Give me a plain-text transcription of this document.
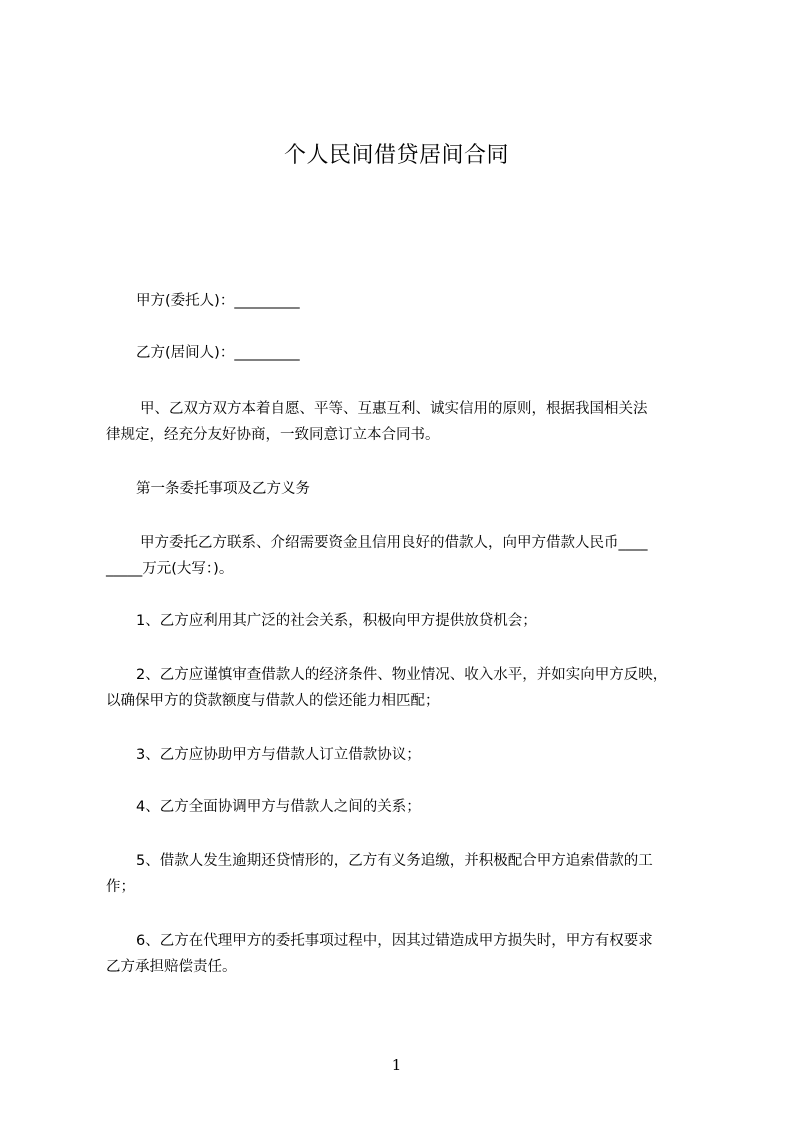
个人民间借贷居间合同
甲方(委托人)：_________
乙方(居间人)：_________
甲、乙双方双方本着自愿、平等、互惠互利、诚实信用的原则，根据我国相关法
律规定，经充分友好协商，一致同意订立本合同书。
第一条委托事项及乙方义务
甲方委托乙方联系、介绍需要资金且信用良好的借款人，向甲方借款人民币____
_____万元(大写：)。
1、乙方应利用其广泛的社会关系，积极向甲方提供放贷机会；
2、乙方应谨慎审查借款人的经济条件、物业情况、收入水平，并如实向甲方反映，
以确保甲方的贷款额度与借款人的偿还能力相匹配；
3、乙方应协助甲方与借款人订立借款协议；
4、乙方全面协调甲方与借款人之间的关系；
5、借款人发生逾期还贷情形的，乙方有义务追缴，并积极配合甲方追索借款的工
作；
6、乙方在代理甲方的委托事项过程中，因其过错造成甲方损失时，甲方有权要求
乙方承担赔偿责任。
1
